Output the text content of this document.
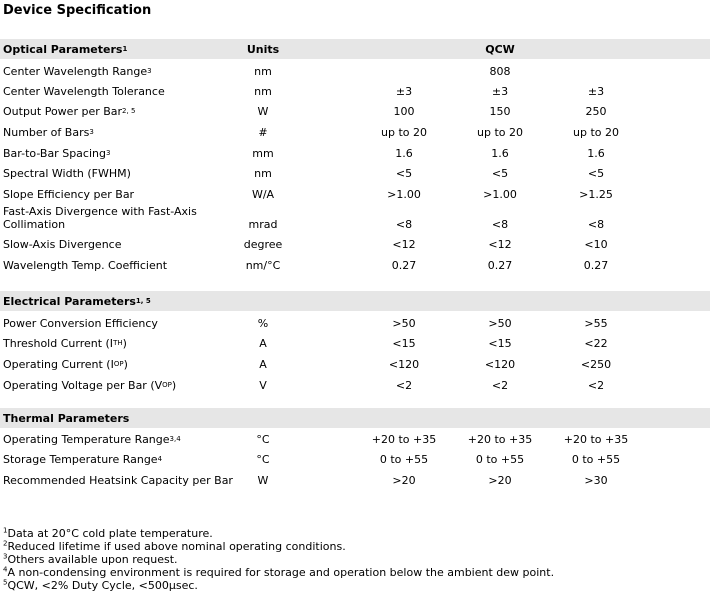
Device Specification
Optical Parameters 1	Units	QCW
Center Wavelength Range 3	nm	808
Center Wavelength Tolerance	nm	±3	±3	±3
Output Power per Bar 2, 5	W	100	150	250
Number of Bars 3	#	up to 20	up to 20	up to 20
Bar-to-Bar Spacing 3	mm	1.6	1.6	1.6
Spectral Width (FWHM)	nm	<5	<5	<5
Slope Efficiency per Bar	W/A	>1.00	>1.00	>1.25
Fast-Axis Divergence with Fast-Axis Collimation	mrad	<8	<8	<8
Slow-Axis Divergence	degree	<12	<12	<10
Wavelength Temp. Coefficient	nm/°C	0.27	0.27	0.27
Electrical Parameters 1, 5
Power Conversion Efficiency	%	>50	>50	>55
Threshold Current (I TH )	A	<15	<15	<22
Operating Current (I OP )	A	<120	<120	<250
Operating Voltage per Bar (V OP )	V	<2	<2	<2
Thermal Parameters
Operating Temperature Range 3,4	°C	+20 to +35	+20 to +35	+20 to +35
Storage Temperature Range 4	°C	0 to +55	0 to +55	0 to +55
Recommended Heatsink Capacity per Bar	W	>20	>20	>30
$^1$Data at 20°C cold plate temperature.
$^2$Reduced lifetime if used above nominal operating conditions.
$^3$Others available upon request.
$^4$A non-condensing environment is required for storage and operation below the ambient dew point.
$^5$QCW, <2% Duty Cycle, <500µsec.
